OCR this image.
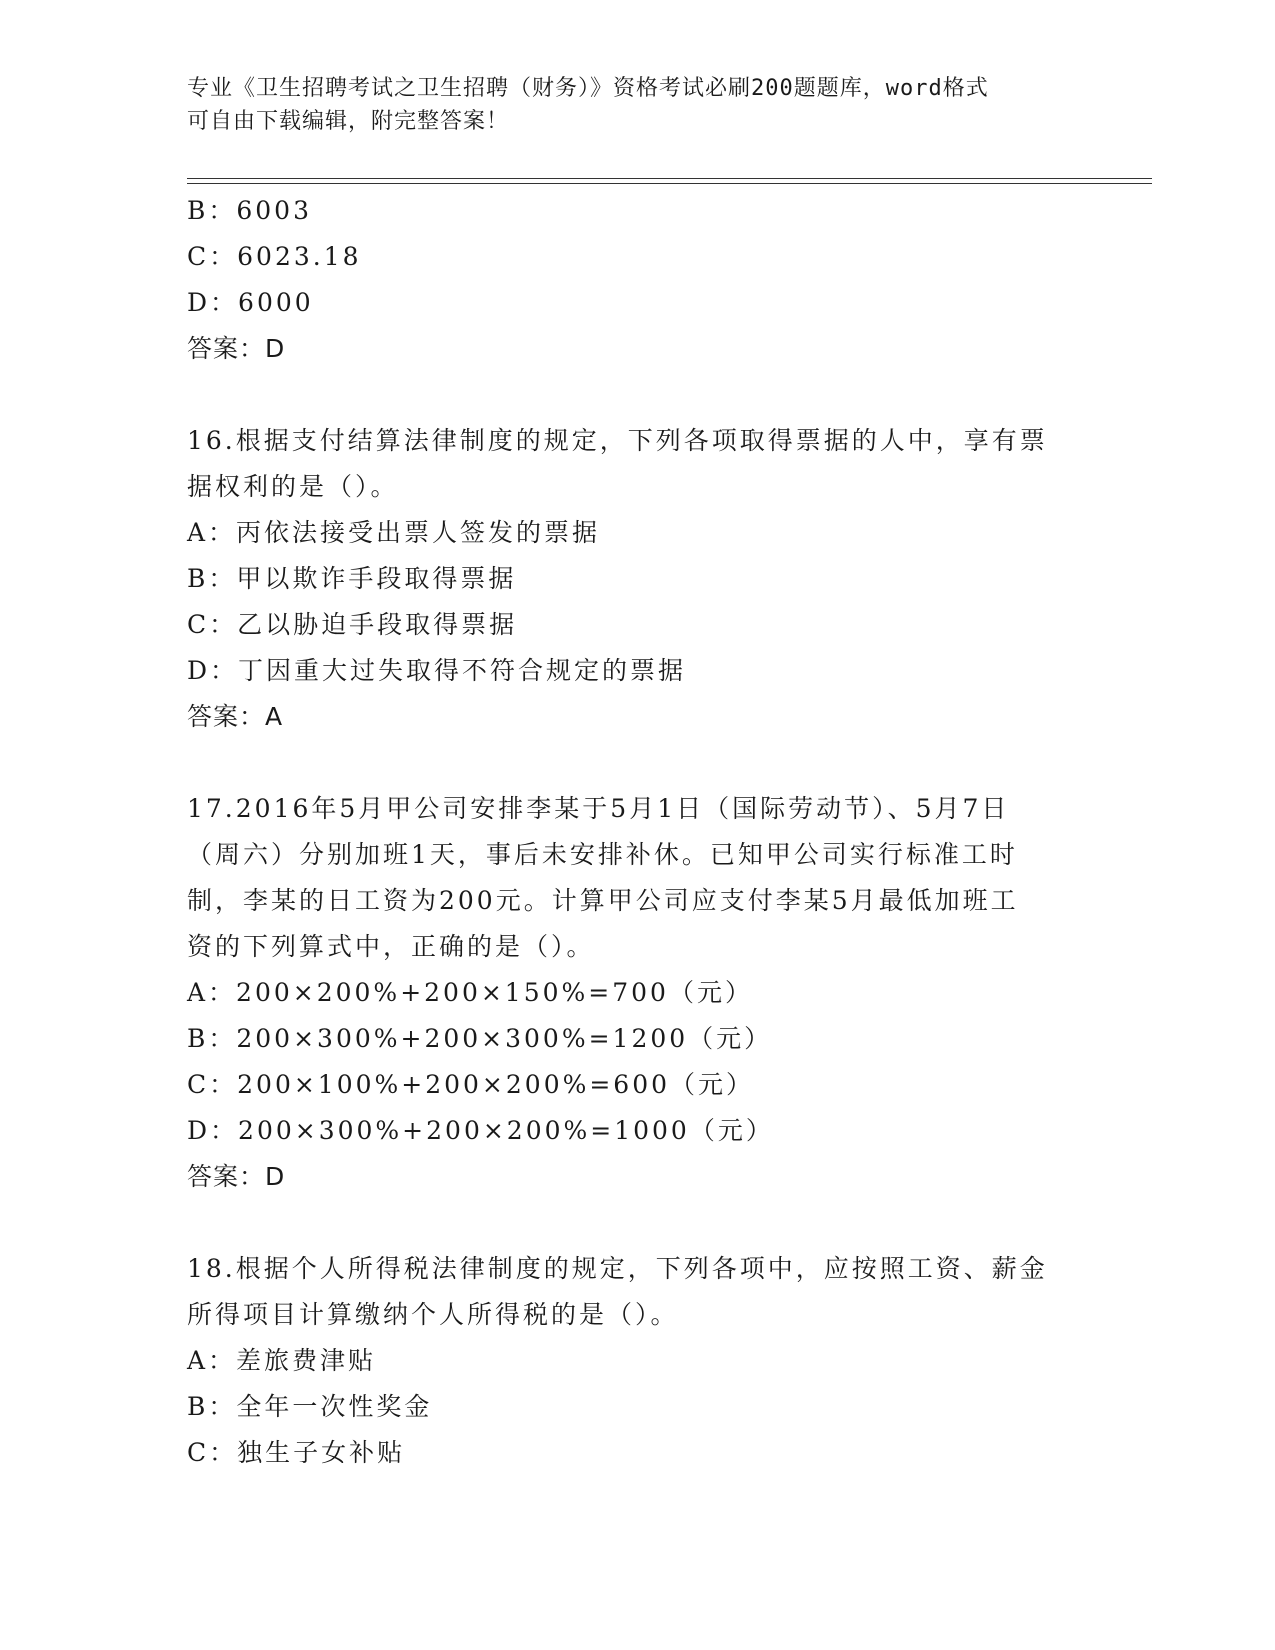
专业《卫生招聘考试之卫生招聘（财务）》资格考试必刷200题题库，word格式
可自由下载编辑，附完整答案！
B：6003
C：6023.18
D：6000
答案：D
16.根据支付结算法律制度的规定，下列各项取得票据的人中，享有票
据权利的是（）。
A：丙依法接受出票人签发的票据
B：甲以欺诈手段取得票据
C：乙以胁迫手段取得票据
D：丁因重大过失取得不符合规定的票据
答案：A
17.2016年5月甲公司安排李某于5月1日（国际劳动节）、5月7日
（周六）分别加班1天，事后未安排补休。已知甲公司实行标准工时
制，李某的日工资为200元。计算甲公司应支付李某5月最低加班工
资的下列算式中，正确的是（）。
A：200×200%+200×150%=700（元）
B：200×300%+200×300%=1200（元）
C：200×100%+200×200%=600（元）
D：200×300%+200×200%=1000（元）
答案：D
18.根据个人所得税法律制度的规定，下列各项中，应按照工资、薪金
所得项目计算缴纳个人所得税的是（）。
A：差旅费津贴
B：全年一次性奖金
C：独生子女补贴
